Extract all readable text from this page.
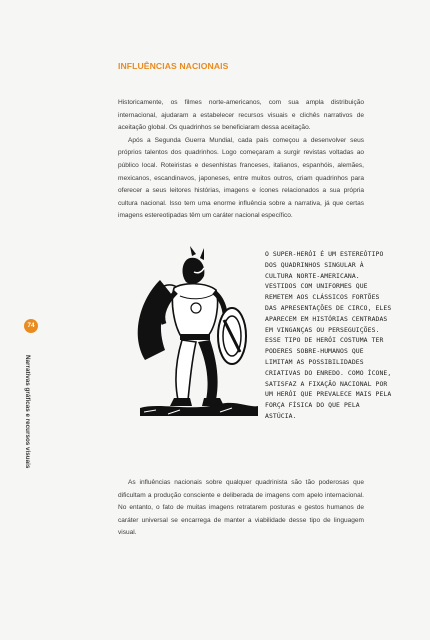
INFLUÊNCIAS NACIONAIS

Historicamente, os filmes norte-americanos, com sua ampla distribuição internacional, ajudaram a estabelecer recursos visuais e clichês narrativos de aceitação global. Os quadrinhos se beneficiaram dessa aceitação.

Após a Segunda Guerra Mundial, cada país começou a desenvolver seus próprios talentos dos quadrinhos. Logo começaram a surgir revistas voltadas ao público local. Roteiristas e desenhistas franceses, italianos, espanhóis, alemães, mexicanos, escandinavos, japoneses, entre muitos outros, criam quadrinhos para oferecer a seus leitores histórias, imagens e ícones relacionados a sua própria cultura nacional. Isso tem uma enorme influência sobre a narrativa, já que certas imagens estereotipadas têm um caráter nacional específico.

O SUPER-HERÓI É UM ESTEREÓTIPO DOS QUADRINHOS SINGULAR À CULTURA NORTE-AMERICANA. VESTIDOS COM UNIFORMES QUE REMETEM AOS CLÁSSICOS FORTÕES DAS APRESENTAÇÕES DE CIRCO, ELES APARECEM EM HISTÓRIAS CENTRADAS EM VINGANÇAS OU PERSEGUIÇÕES. ESSE TIPO DE HERÓI COSTUMA TER PODERES SOBRE-HUMANOS QUE LIMITAM AS POSSIBILIDADES CRIATIVAS DO ENREDO. COMO ÍCONE, SATISFAZ A FIXAÇÃO NACIONAL POR UM HERÓI QUE PREVALECE MAIS PELA FORÇA FÍSICA DO QUE PELA ASTÚCIA.

As influências nacionais sobre qualquer quadrinista são tão poderosas que dificultam a produção consciente e deliberada de imagens com apelo internacional. No entanto, o fato de muitas imagens retratarem posturas e gestos humanos de caráter universal se encarrega de manter a viabilidade desse tipo de linguagem visual.

74
Narrativas gráficas e recursos visuais
